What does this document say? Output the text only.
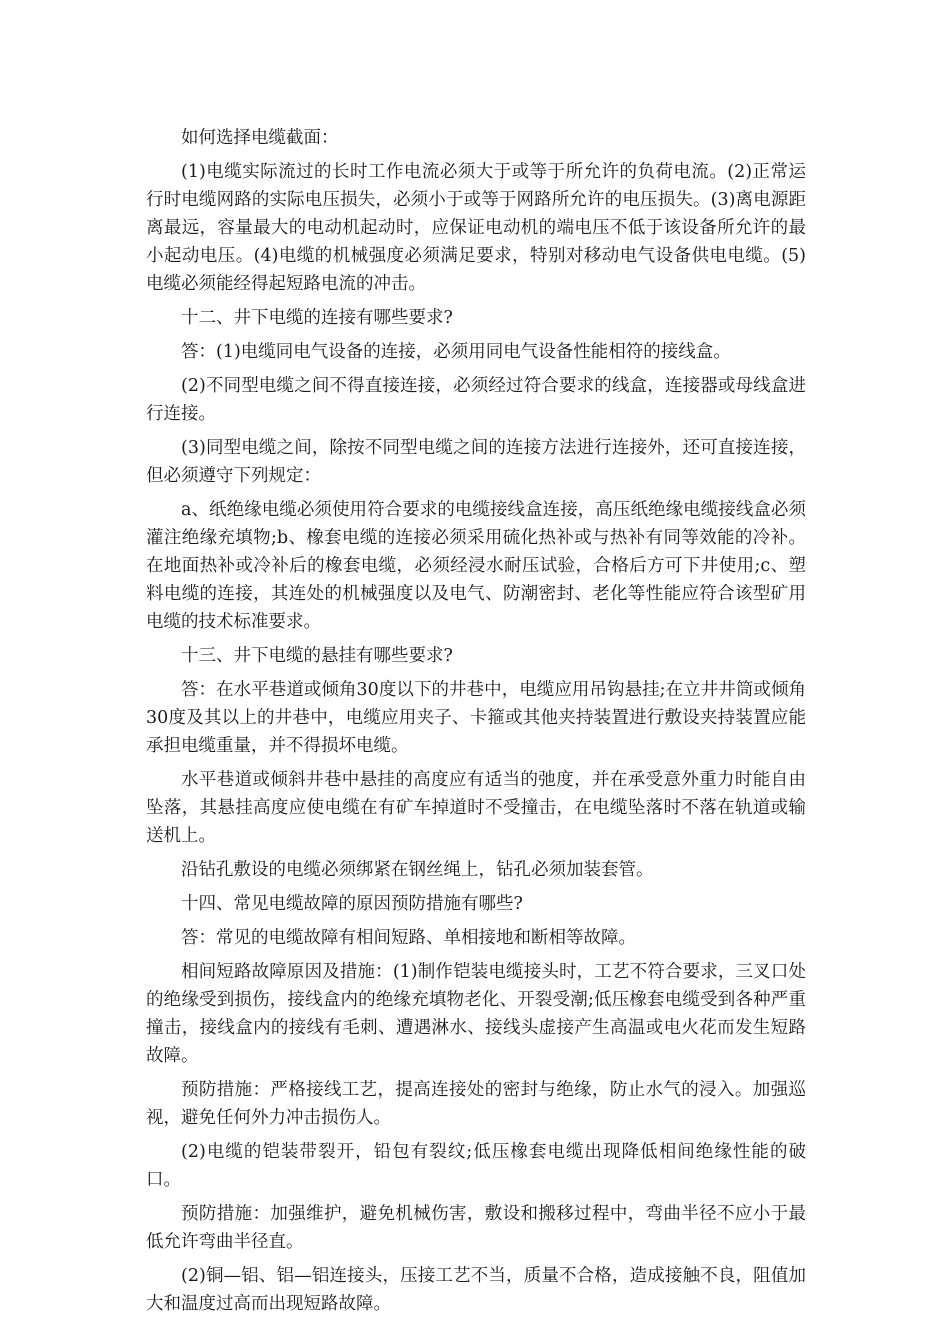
如何选择电缆截面：

(1)电缆实际流过的长时工作电流必须大于或等于所允许的负荷电流。(2)正常运行时电缆网路的实际电压损失，必须小于或等于网路所允许的电压损失。(3)离电源距离最远，容量最大的电动机起动时，应保证电动机的端电压不低于该设备所允许的最小起动电压。(4)电缆的机械强度必须满足要求，特别对移动电气设备供电电缆。(5)电缆必须能经得起短路电流的冲击。

十二、井下电缆的连接有哪些要求?

答：(1)电缆同电气设备的连接，必须用同电气设备性能相符的接线盒。

(2)不同型电缆之间不得直接连接，必须经过符合要求的线盒，连接器或母线盒进行连接。

(3)同型电缆之间，除按不同型电缆之间的连接方法进行连接外，还可直接连接，但必须遵守下列规定：

a、纸绝缘电缆必须使用符合要求的电缆接线盒连接，高压纸绝缘电缆接线盒必须灌注绝缘充填物;b、橡套电缆的连接必须采用硫化热补或与热补有同等效能的冷补。在地面热补或冷补后的橡套电缆，必须经浸水耐压试验，合格后方可下井使用;c、塑料电缆的连接，其连处的机械强度以及电气、防潮密封、老化等性能应符合该型矿用电缆的技术标准要求。

十三、井下电缆的悬挂有哪些要求?

答：在水平巷道或倾角30度以下的井巷中，电缆应用吊钩悬挂;在立井井筒或倾角30度及其以上的井巷中，电缆应用夹子、卡箍或其他夹持装置进行敷设夹持装置应能承担电缆重量，并不得损坏电缆。

水平巷道或倾斜井巷中悬挂的高度应有适当的弛度，并在承受意外重力时能自由坠落，其悬挂高度应使电缆在有矿车掉道时不受撞击，在电缆坠落时不落在轨道或输送机上。

沿钻孔敷设的电缆必须绑紧在钢丝绳上，钻孔必须加装套管。

十四、常见电缆故障的原因预防措施有哪些?

答：常见的电缆故障有相间短路、单相接地和断相等故障。

相间短路故障原因及措施：(1)制作铠装电缆接头时，工艺不符合要求，三叉口处的绝缘受到损伤，接线盒内的绝缘充填物老化、开裂受潮;低压橡套电缆受到各种严重撞击，接线盒内的接线有毛刺、遭遇淋水、接线头虚接产生高温或电火花而发生短路故障。

预防措施：严格接线工艺，提高连接处的密封与绝缘，防止水气的浸入。加强巡视，避免任何外力冲击损伤人。

(2)电缆的铠装带裂开，铅包有裂纹;低压橡套电缆出现降低相间绝缘性能的破口。

预防措施：加强维护，避免机械伤害，敷设和搬移过程中，弯曲半径不应小于最低允许弯曲半径直。

(2)铜—铝、铝—铝连接头，压接工艺不当，质量不合格，造成接触不良，阻值加大和温度过高而出现短路故障。
